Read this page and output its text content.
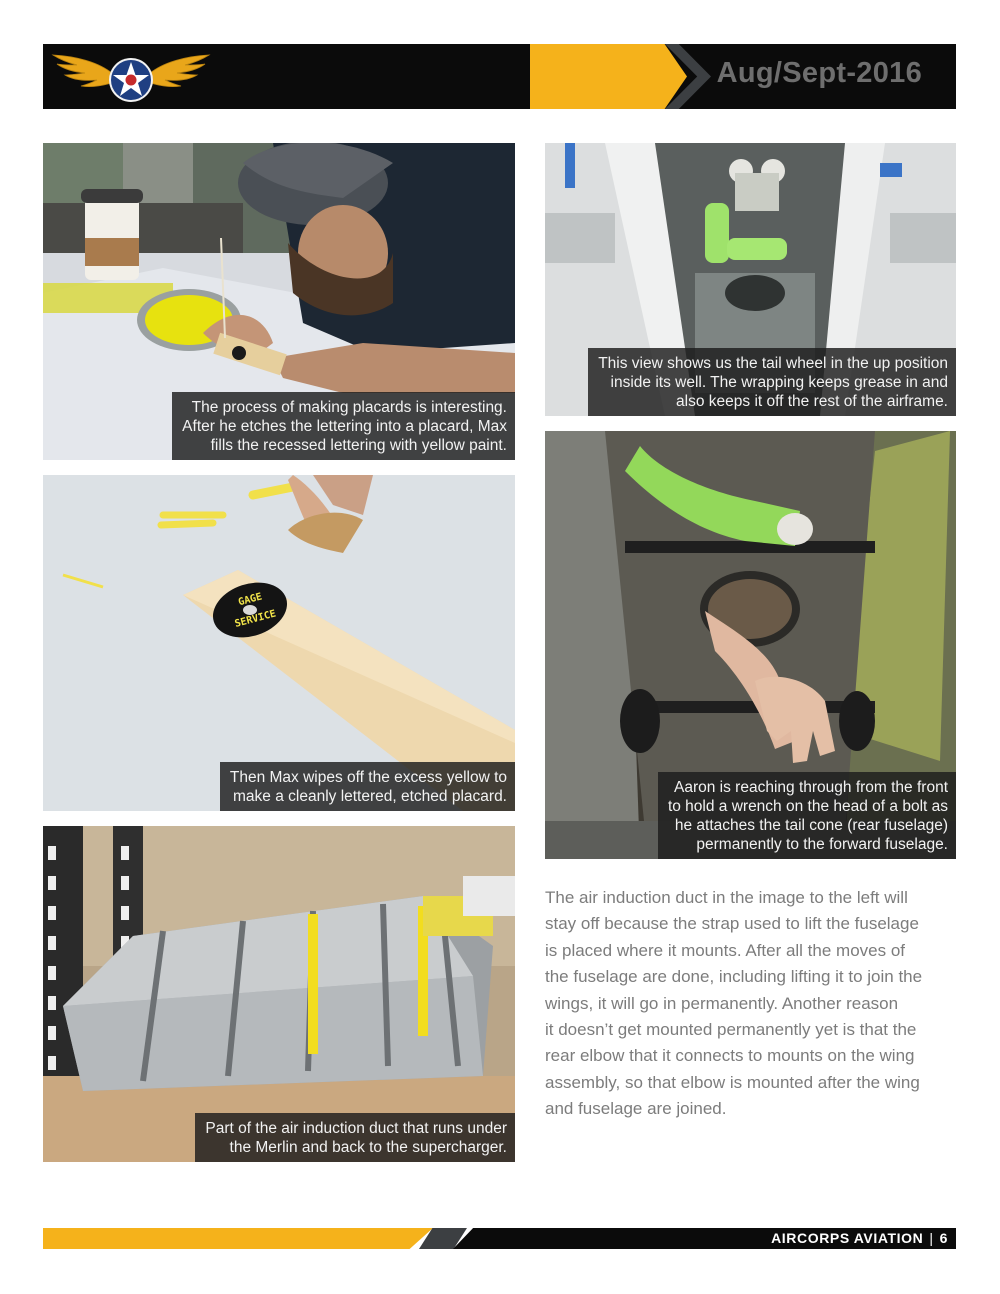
Aug/Sept-2016
The process of making placards is interesting.
After he etches the lettering into a placard, Max
fills the recessed lettering with yellow paint.
This view shows us the tail wheel in the up position
inside its well. The wrapping keeps grease in and
also keeps it off the rest of the airframe.
GAGE
SERVICE
Then Max wipes off the excess yellow to
make a cleanly lettered, etched placard.
Aaron is reaching through from the front
to hold a wrench on the head of a bolt as
he attaches the tail cone (rear fuselage)
permanently to the forward fuselage.
Part of the air induction duct that runs under
the Merlin and back to the supercharger.
The air induction duct in the image to the left will
stay off because the strap used to lift the fuselage
is placed where it mounts. After all the moves of
the fuselage are done, including lifting it to join the
wings, it will go in permanently. Another reason
it doesn’t get mounted permanently yet is that the
rear elbow that it connects to mounts on the wing
assembly, so that elbow is mounted after the wing
and fuselage are joined.
AIRCORPS AVIATION | 6
